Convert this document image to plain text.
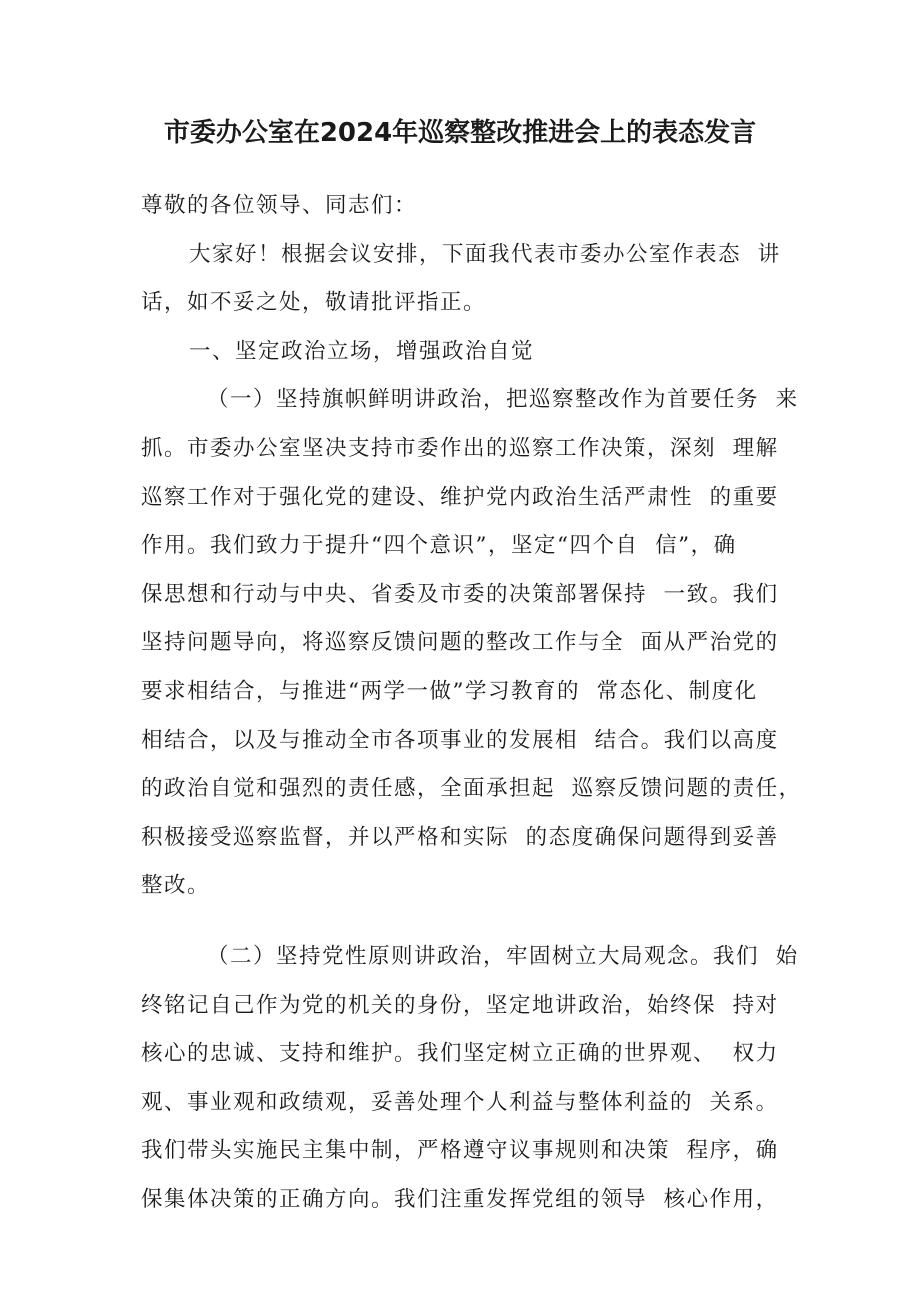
市委办公室在2024年巡察整改推进会上的表态发言
尊敬的各位领导、同志们：
大家好！根据会议安排，下面我代表市委办公室作表态  讲
话，如不妥之处，敬请批评指正。
一、坚定政治立场，增强政治自觉
（一）坚持旗帜鲜明讲政治，把巡察整改作为首要任务  来
抓。市委办公室坚决支持市委作出的巡察工作决策，深刻  理解
巡察工作对于强化党的建设、维护党内政治生活严肃性  的重要
作用。我们致力于提升“四个意识”，坚定“四个自  信”，确
保思想和行动与中央、省委及市委的决策部署保持  一致。我们
坚持问题导向，将巡察反馈问题的整改工作与全  面从严治党的
要求相结合，与推进“两学一做”学习教育的  常态化、制度化
相结合，以及与推动全市各项事业的发展相  结合。我们以高度
的政治自觉和强烈的责任感，全面承担起  巡察反馈问题的责任，
积极接受巡察监督，并以严格和实际  的态度确保问题得到妥善
整改。
（二）坚持党性原则讲政治，牢固树立大局观念。我们  始
终铭记自己作为党的机关的身份，坚定地讲政治，始终保  持对
核心的忠诚、支持和维护。我们坚定树立正确的世界观、  权力
观、事业观和政绩观，妥善处理个人利益与整体利益的  关系。
我们带头实施民主集中制，严格遵守议事规则和决策  程序，确
保集体决策的正确方向。我们注重发挥党组的领导  核心作用，
